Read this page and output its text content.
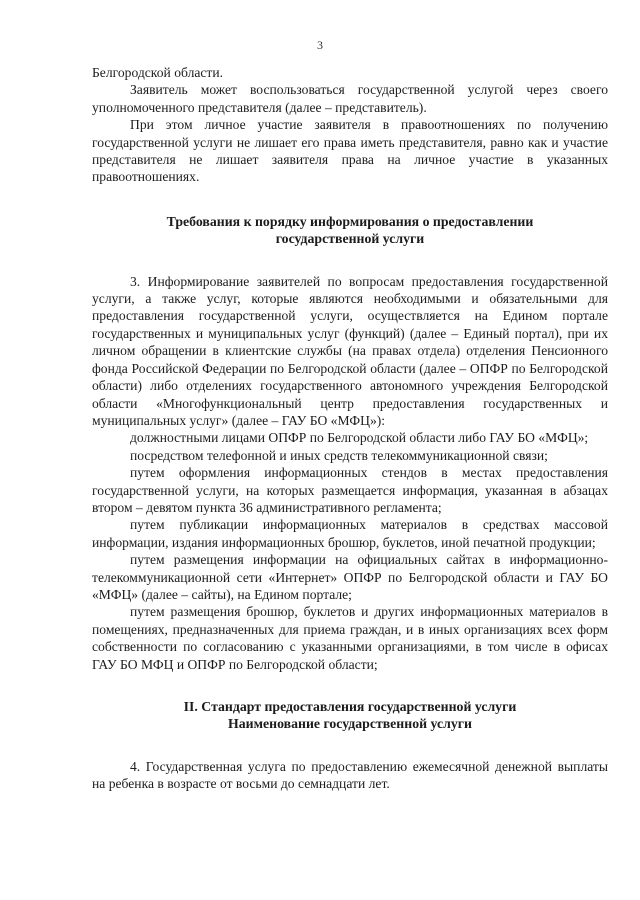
3

Белгородской области.

Заявитель может воспользоваться государственной услугой через своего уполномоченного представителя (далее – представитель).

При этом личное участие заявителя в правоотношениях по получению государственной услуги не лишает его права иметь представителя, равно как и участие представителя не лишает заявителя права на личное участие в указанных правоотношениях.

Требования к порядку информирования о предоставлении
государственной услуги

3. Информирование заявителей по вопросам предоставления государственной услуги, а также услуг, которые являются необходимыми и обязательными для предоставления государственной услуги, осуществляется на Едином портале государственных и муниципальных услуг (функций) (далее – Единый портал), при их личном обращении в клиентские службы (на правах отдела) отделения Пенсионного фонда Российской Федерации по Белгородской области (далее – ОПФР по Белгородской области) либо отделениях государственного автономного учреждения Белгородской области «Многофункциональный центр предоставления государственных и муниципальных услуг» (далее – ГАУ БО «МФЦ»):

должностными лицами ОПФР по Белгородской области либо ГАУ БО «МФЦ»;

посредством телефонной и иных средств телекоммуникационной связи;

путем оформления информационных стендов в местах предоставления государственной услуги, на которых размещается информация, указанная в абзацах втором – девятом пункта 36 административного регламента;

путем публикации информационных материалов в средствах массовой информации, издания информационных брошюр, буклетов, иной печатной продукции;

путем размещения информации на официальных сайтах в информационно-телекоммуникационной сети «Интернет» ОПФР по Белгородской области и ГАУ БО «МФЦ» (далее – сайты), на Едином портале;

путем размещения брошюр, буклетов и других информационных материалов в помещениях, предназначенных для приема граждан, и в иных организациях всех форм собственности по согласованию с указанными организациями, в том числе в офисах ГАУ БО МФЦ и ОПФР по Белгородской области;

II. Стандарт предоставления государственной услуги
Наименование государственной услуги

4. Государственная услуга по предоставлению ежемесячной денежной выплаты на ребенка в возрасте от восьми до семнадцати лет.
